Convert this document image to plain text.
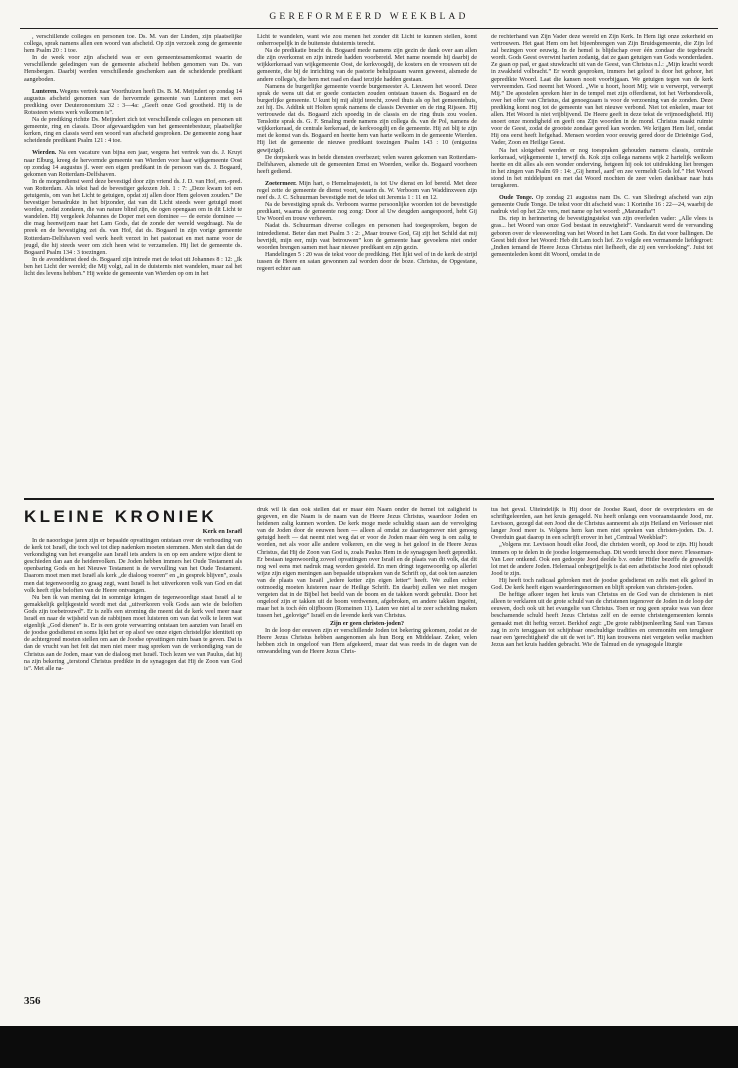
GEREFORMEERD WEEKBLAD

, verschillende colleges en personen toe. Ds. M. van der Linden, zijn plaatselijke collega, sprak namens allen een woord van afscheid. Op zijn verzoek zong de gemeente hem Psalm 20 : 1 toe.

In de week voor zijn afscheid was er een gemeentesamenkomst waarin de verschillende geledingen van de gemeente afscheid hebben genomen van Ds. van Hensbergen. Daarbij werden verschillende geschenken aan de scheidende predikant aangeboden.

Lunteren. Wegens vertrek naar Voorthuizen heeft Ds. B. M. Meijndert op zondag 14 augustus afscheid genomen van de hervormde gemeente van Lunteren met een prediking over Deuteronomium 32 : 3—4a: „Geeft onze God grootheid. Hij is de Rotssteen wiens werk volkomen is”.

Na de prediking richtte Ds. Meijndert zich tot verschillende colleges en personen uit gemeente, ring en classis. Door afgevaardigden van het gemeentebestuur, plaatselijke kerken, ring en classis werd een woord van afscheid gesproken. De gemeente zong haar scheidende predikant Psalm 121 : 4 toe.

Wierden. Na een vacature van bijna een jaar, wegens het vertrek van ds. J. Kruyt naar Elburg, kreeg de hervormde gemeente van Wierden voor haar wijkgemeente Oost op zondag 14 augustus jl. weer een eigen predikant in de persoon van ds. J. Bogaard, gekomen van Rotterdam-Delfshaven.

In de morgendienst werd deze bevestigd door zijn vriend ds. J. D. van Hof, em.-pred. van Rotterdam. Als tekst had de bevestiger gekozen Joh. 1 : 7: „Deze kwam tot een getuigenis, om van het Licht te getuigen, opdat zij allen door Hem geloven zouden.” De bevestiger benadrukte in het bijzonder, dat van dit Licht steeds weer getuigd moet worden, zodat zondaren, die van nature blind zijn, de ogen opengaan om in dit Licht te wandelen. Hij vergeleek Johannes de Doper met een dominee — de eerste dominee — die mag heenwijzen naar het Lam Gods, dat de zonde der wereld wegdraagt. Na de preek en de bevestiging zei ds. van Hof, dat ds. Bogaard in zijn vorige gemeente Rotterdam-Delfshaven veel werk heeft verzet in het pastoraat en met name voor de jeugd, die hij steeds weer om zich heen wist te verzamelen. Hij liet de gemeente ds. Bogaard Psalm 134 : 3 toezingen.

In de avonddienst deed ds. Bogaard zijn intrede met de tekst uit Johannes 8 : 12: „Ik ben het Licht der wereld; die Mij volgt, zal in de duisternis niet wandelen, maar zal het licht des levens hebben.” Hij wekte de gemeente van Wierden op om in het

Licht te wandelen, want wie zou menen het zonder dit Licht te kunnen stellen, komt onherroepelijk in de buitenste duisternis terecht.

Na de predikatie bracht ds. Bogaard mede namens zijn gezin de dank over aan allen die zijn overkomst en zijn intrede hadden voorbereid. Met name noemde hij daarbij de wijkkerkeraad van wijkgemeente Oost, de kerkvoogdij, de kosters en de vrouwen uit de gemeente, die bij de inrichting van de pastorie behulpzaam waren geweest, alsmede de andere collega's, die hem met raad en daad terzijde hadden gestaan.

Namens de burgerlijke gemeente voerde burgemeester A. Lieuwen het woord. Deze sprak de wens uit dat er goede contacten zouden ontstaan tussen ds. Bogaard en de burgerlijke gemeente. U kunt bij mij altijd terecht, zowel thuis als op het gemeentehuis, zei hij. Ds. Addink uit Holten sprak namens de classis Deventer en de ring Rijssen. Hij vertrouwde dat ds. Bogaard zich spoedig in de classis en de ring thuis zou voelen. Tenslotte sprak ds. G. F. Smaling mede namens zijn collega ds. van de Pol, namens de wijkkerkeraad, de centrale kerkeraad, de kerkvoogdij en de gemeente. Hij zei blij te zijn met de komst van ds. Bogaard en heette hem van harte welkom in de gemeente Wierden. Hij liet de gemeente de nieuwe predikant toezingen Psalm 143 : 10 (enigszins gewijzigd).

De dorpskerk was in beide diensten overbezet; velen waren gekomen van Rotterdam-Delfshaven, alsmede uit de gemeenten Emst en Woerden, welke ds. Bogaard voorheen heeft gediend.

Zoetermeer. Mijn hart, o Hemelmajesteit, is tot Uw dienst en lof bereid. Met deze regel zette de gemeente de dienst voort, waarin ds. W. Verboom van Waddinxveen zijn neef ds. J. C. Schuurman bevestigde met de tekst uit Jeremia 1 : 11 en 12.

Na de bevestiging sprak ds. Verboom warme persoonlijke woorden tot de bevestigde predikant, waarna de gemeente nog zong: Door al Uw deugden aangespoord, hebt Gij Uw Woord en trouw verheven.

Nadat ds. Schuurman diverse colleges en personen had toegesproken, begon de intrededienst. Beter dan met Psalm 3 : 2: „Maar trouwe God, Gij zijt het Schild dat mij bevrijdt, mijn eer, mijn vast betrouwen” kon de gemeente haar gevoelens niet onder woorden brengen samen met haar nieuwe predikant en zijn gezin.

Handelingen 5 : 20 was de tekst voor de prediking. Het lijkt wel of in de kerk de strijd tussen de Heere en satan gewonnen zal worden door de boze. Christus, de Opgestane, regeert echter aan

de rechterhand van Zijn Vader deze wereld en Zijn Kerk. In Hem ligt onze zekerheid en vertrouwen. Het gaat Hem om het bijeenbrengen van Zijn Bruidsgemeente, die Zijn lof zal bezingen voor eeuwig. In de hemel is blijdschap over één zondaar die tegebracht wordt. Gods Geest overwint harten zodanig, dat ze gaan getuigen van Gods wonderdaden. Ze gaan op pad, er gaat stuwkracht uit van de Geest, van Christus n.l.: „Mijn kracht wordt in zwakheid volbracht.” Er wordt gesproken, immers het geloof is door het gehoor, het gepredikte Woord. Laat die kansen nooit voorbijgaan. We getuigen tegen van de kerk vervreemden. God neemt het Woord. „Wie u hoort, hoort Mij; wie u verwerpt, verwerpt Mij.” De apostelen spreken hier in de tempel met zijn offerdienst, tot het Verbondsvolk, over het offer van Christus, dat genoegzaam is voor de verzoening van de zonden. Deze prediking komt nog tot de gemeente van het nieuwe verbond. Niet tot enkelen, maar tot allen. Het Woord is niet vrijblijvend. De Heere geeft in deze tekst de vrijmoedigheid. Hij snoert onze mondigheid en geeft ons Zijn woorden in de mond. Christus maakt ruimte voor de Geest, zodat de grootste zondaar gered kan worden. We krijgen Hem lief, omdat Hij ons eerst heeft liefgehad. Mensen worden voor eeuwig gered door de Drieënige God, Vader, Zoon en Heilige Geest.

Na het slotgebed werden er nog toespraken gehouden namens classis, centrale kerkeraad, wijkgemeente 1, terwijl ds. Kok zijn collega namens wijk 2 hartelijk welkom heette en dit alles als een wonder onderving, hetgeen hij ook tot uitdrukking liet brengen in het zingen van Psalm 69 : 14: „Gij hemel, aard' en zee vermeldt Gods lof.” Het Woord stond in het middelpunt en met dat Woord mochten de zeer velen dankbaar naar huis terugkeren.

Oude Tonge. Op zondag 21 augustus nam Ds. C. van Sliedregt afscheid van zijn gemeente Oude Tonge. De tekst voor dit afscheid was: 1 Korinthe 16 : 22—24, waarbij de nadruk viel op het 22e vers, met name op het woord: „Maranatha”!

Ds. riep in herinnering de bevestigingstekst van zijn overleden vader: „Alle vlees is gras... het Woord van onze God bestaat in eeuwigheid”. Vandaaruit werd de vervanding geboren over de vleeswording van het Woord in het Lam Gods. En dat voor ballingen. De Geest bidt door het Woord: Heb dit Lam toch lief. Zo volgde een vermanende liefdegroet: „Indien iemand de Heere Jezus Christus niet liefheeft, die zij een vervloeking”. Juist tot gemeenteleden komt dit Woord, omdat in de

KLEINE KRONIEK
Kerk en Israël

In de naoorlogse jaren zijn er bepaalde opvattingen ontstaan over de verhouding van de kerk tot Israël, die toch wel tot diep nadenken moeten stemmen. Men stelt dan dat de verkondiging van het evangelie aan Israël iets anders is en op een andere wijze dient te geschieden dan aan de heidenvolken. De Joden hebben immers het Oude Testament als openbaring Gods en het Nieuwe Testament is de vervulling van het Oude Testament. Daarom moet men met Israël als kerk „de dialoog voeren” en „in gesprek blijven”, zoals men dat tegenwoordig zo graag zegt, want Israël is het uitverkoren volk van God en dat volk heeft rijke beloften van de Heere ontvangen.

Nu ben ik van mening dat in sommige kringen de tegenwoordige staat Israël al te gemakkelijk gelijkgesteld wordt met dat „uitverkoren volk Gods aan wie de beloften Gods zijn toebetrouwd”. Er is zelfs een stroming die meent dat de kerk veel meer naar Israël en naar de wijsheid van de rabbijnen moet luisteren om van dat volk te leren wat eigenlijk „God dienen” is. Er is een grote verwarring ontstaan ten aanzien van Israël en de joodse godsdienst en soms lijkt het er op alsof we onze eigen christelijke identiteit op de achtergrond moeten stellen om aan de Joodse opvattingen ruim baan te geven. Dat is dan de vrucht van het feit dat men niet meer mag spreken van de verkondiging van de Christus aan de Joden, maar van de dialoog met Israël. Toch lezen we van Paulus, dat hij na zijn bekering „terstond Christus predikte in de synagogen dat Hij de Zoon van God is”. Met alle na-

druk wil ik dan ook stellen dat er maar één Naam onder de hemel tot zaligheid is gegeven, en die Naam is de naam van de Heere Jezus Christus, waardoor Joden en heidenen zalig kunnen worden. De kerk moge mede schuldig staan aan de vervolging van de Joden door de eeuwen heen — alleen al omdat ze daartegenover niet genoeg getuigd heeft — dat neemt niet weg dat er voor de Joden maar één weg is om zalig te worden, net als voor alle andere volkeren, en die weg is het geloof in de Heere Jezus Christus, dat Hij de Zoon van God is, zoals Paulus Hem in de synagogen heeft gepredikt. Er bestaan tegenwoordig zoveel opvattingen over Israël en de plaats van dit volk, dat dit nog wel eens met nadruk mag worden gesteld. En men dringt tegenwoordig op allerlei wijze zijn eigen meningen aan bepaalde uitspraken van de Schrift op, dat ook ten aanzien van de plaats van Israël „iedere ketter zijn eigen letter” heeft. We zullen echter ootmoedig moeten luisteren naar de Heilige Schrift. En daarbij zullen we niet mogen vergeten dat in de Bijbel het beeld van de boom en de takken wordt gebruikt. Door het ongeloof zijn er takken uit de boom verdwenen, afgebroken, en andere takken ingeënt, maar het is toch één olijfboom (Romeinen 11). Laten we niet al te zeer scheiding maken tussen het „gelovige” Israël en de levende kerk van Christus.

Zijn er geen christen-joden?

In de loop der eeuwen zijn er verschillende Joden tot bekering gekomen, zodat ze de Heere Jezus Christus hebben aangenomen als hun Borg en Middelaar. Zeker, velen hebben zich in ongeloof van Hem afgekeerd, maar dat was reeds in de dagen van de omwandeling van de Heere Jezus Chris-

tus het geval. Uiteindelijk is Hij door de Joodse Raad, door de overpriesters en de schriftgeleerden, aan het kruis genageld. Nu heeft onlangs een vooraanstaande Jood, mr. Levisson, gezegd dat een Jood die de Christus aanneemt als zijn Heiland en Verlosser niet langer Jood meer is. Volgens hem kan men niet spreken van christen-joden. Ds. J. Overduin gaat daarop in een schrijft erover in het „Centraal Weekblad”:

„Volgens mr. Levisson houdt elke Jood, die christen wordt, op Jood te zijn. Hij houdt immers op te delen in de joodse lotgemeenschap. Dit wordt terecht door mevr. Flesseman-Van Leer ontkend. Ook een gedoopte Jood deelde b.v. onder Hitler bezeffe de gruwelijk lot met de andere Joden. Helemaal onbegrijpelijk is dat een atheïstische Jood niet ophoudt Jood te zijn.

Hij heeft toch radicaal gebroken met de joodse godsdienst en zelfs met elk geloof in God. De kerk heeft eigen waarderingsnormen en blijft spreken van christen-joden.

De heftige afkeer tegen het kruis van Christus en de God van de christenen is niet alleen te verklaren uit de grote schuld van de christenen tegenover de Joden in de loop der eeuwen, doch ook uit het evangelie van Christus. Toen er nog geen sprake was van deze beschamende schuld heeft Jezus Christus zelf en de eerste christengemeenten kennis gemaakt met dit heftig verzet. Berkhof zegt: „De grote rabbijnenleerling Saul van Tarsus zag in zo'n teruggaan tot schijnbaar onschuldige tradities en ceremoniën een terugkeer naar een 'gerechtigheid' die uit de wet is”. Hij kan trouwens niet vergeten welke machten Jezus aan het kruis hadden gebracht. Wie de Talmud en de synagogale liturgie

356
